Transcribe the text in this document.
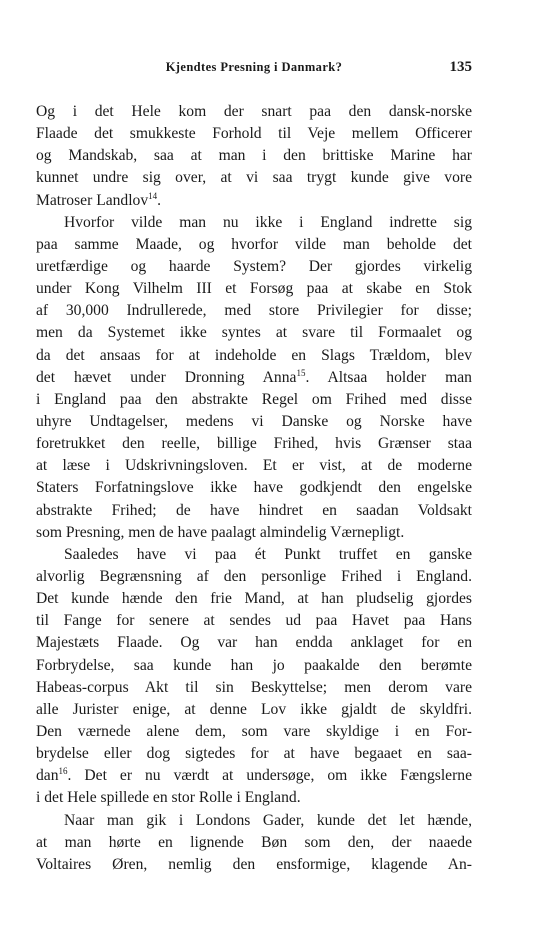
Kjendtes Presning i Danmark?	135
Og i det Hele kom der snart paa den dansk-norske
Flaade det smukkeste Forhold til Veje mellem Officerer
og Mandskab, saa at man i den brittiske Marine har
kunnet undre sig over, at vi saa trygt kunde give vore
Matroser Landlov$^{14}$.
Hvorfor vilde man nu ikke i England indrette sig
paa samme Maade, og hvorfor vilde man beholde det
uretfærdige og haarde System? Der gjordes virkelig
under Kong Vilhelm III et Forsøg paa at skabe en Stok
af 30,000 Indrullerede, med store Privilegier for disse;
men da Systemet ikke syntes at svare til Formaalet og
da det ansaas for at indeholde en Slags Trældom, blev
det hævet under Dronning Anna$^{15}$. Altsaa holder man
i England paa den abstrakte Regel om Frihed med disse
uhyre Undtagelser, medens vi Danske og Norske have
foretrukket den reelle, billige Frihed, hvis Grænser staa
at læse i Udskrivningsloven. Et er vist, at de moderne
Staters Forfatningslove ikke have godkjendt den engelske
abstrakte Frihed; de have hindret en saadan Voldsakt
som Presning, men de have paalagt almindelig Værnepligt.
Saaledes have vi paa ét Punkt truffet en ganske
alvorlig Begrænsning af den personlige Frihed i England.
Det kunde hænde den frie Mand, at han pludselig gjordes
til Fange for senere at sendes ud paa Havet paa Hans
Majestæts Flaade. Og var han endda anklaget for en
Forbrydelse, saa kunde han jo paakalde den berømte
Habeas-corpus Akt til sin Beskyttelse; men derom vare
alle Jurister enige, at denne Lov ikke gjaldt de skyldfri.
Den værnede alene dem, som vare skyldige i en For-
brydelse eller dog sigtedes for at have begaaet en saa-
dan$^{16}$. Det er nu værdt at undersøge, om ikke Fængslerne
i det Hele spillede en stor Rolle i England.
Naar man gik i Londons Gader, kunde det let hænde,
at man hørte en lignende Bøn som den, der naaede
Voltaires Øren, nemlig den ensformige, klagende An-
